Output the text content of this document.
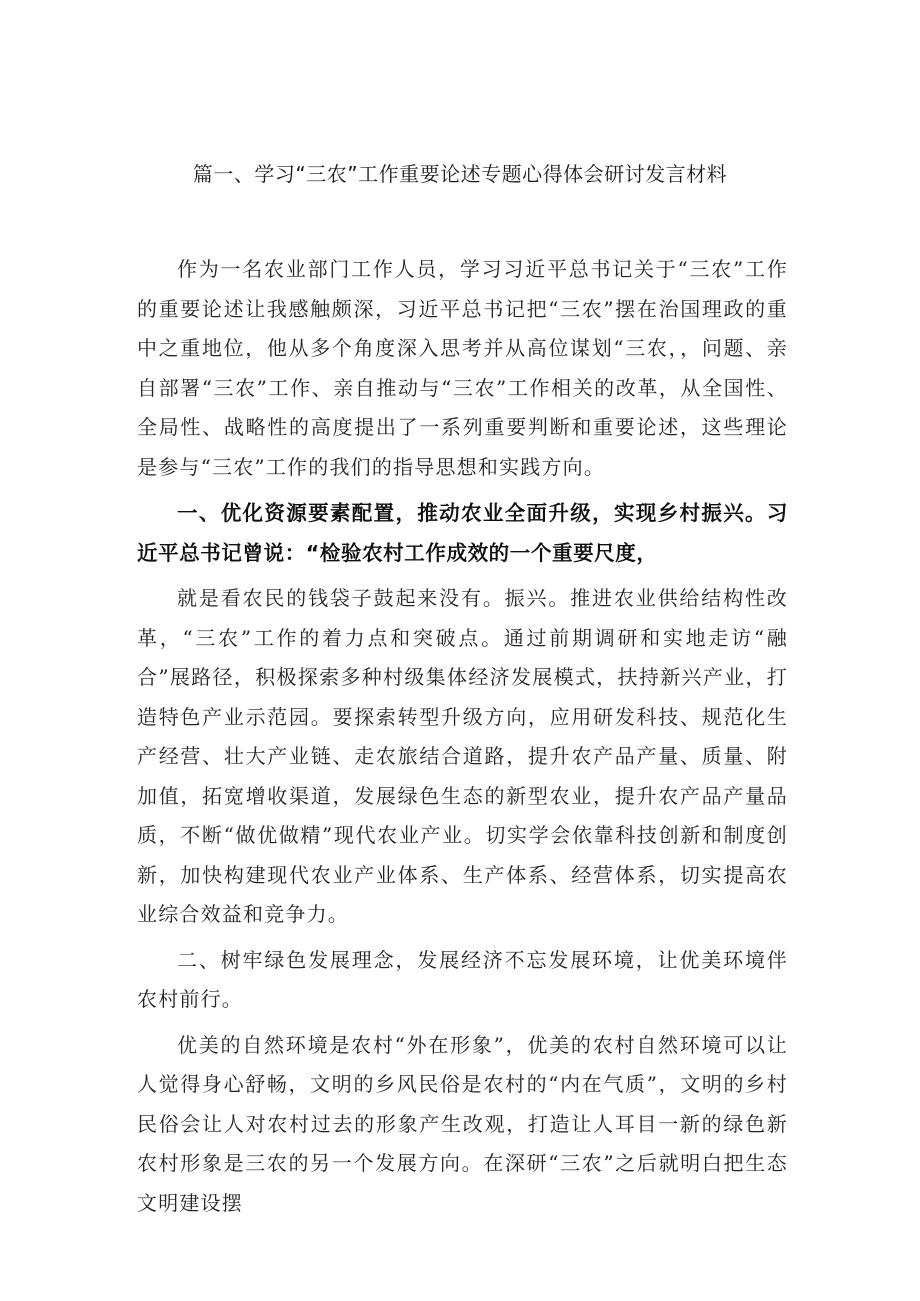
篇一、学习“三农”工作重要论述专题心得体会研讨发言材料

作为一名农业部门工作人员，学习习近平总书记关于“三农”工作的重要论述让我感触颇深，习近平总书记把“三农”摆在治国理政的重中之重地位，他从多个角度深入思考并从高位谋划“三农，，问题、亲自部署“三农”工作、亲自推动与“三农”工作相关的改革，从全国性、全局性、战略性的高度提出了一系列重要判断和重要论述，这些理论是参与“三农”工作的我们的指导思想和实践方向。

一、优化资源要素配置，推动农业全面升级，实现乡村振兴。习近平总书记曾说：“检验农村工作成效的一个重要尺度，

就是看农民的钱袋子鼓起来没有。振兴。推进农业供给结构性改革，“三农”工作的着力点和突破点。通过前期调研和实地走访“融合”展路径，积极探索多种村级集体经济发展模式，扶持新兴产业，打造特色产业示范园。要探索转型升级方向，应用研发科技、规范化生产经营、壮大产业链、走农旅结合道路，提升农产品产量、质量、附加值，拓宽增收渠道，发展绿色生态的新型农业，提升农产品产量品质，不断“做优做精”现代农业产业。切实学会依靠科技创新和制度创新，加快构建现代农业产业体系、生产体系、经营体系，切实提高农业综合效益和竞争力。

二、树牢绿色发展理念，发展经济不忘发展环境，让优美环境伴农村前行。

优美的自然环境是农村“外在形象”，优美的农村自然环境可以让人觉得身心舒畅，文明的乡风民俗是农村的“内在气质”，文明的乡村民俗会让人对农村过去的形象产生改观，打造让人耳目一新的绿色新农村形象是三农的另一个发展方向。在深研“三农”之后就明白把生态文明建设摆
